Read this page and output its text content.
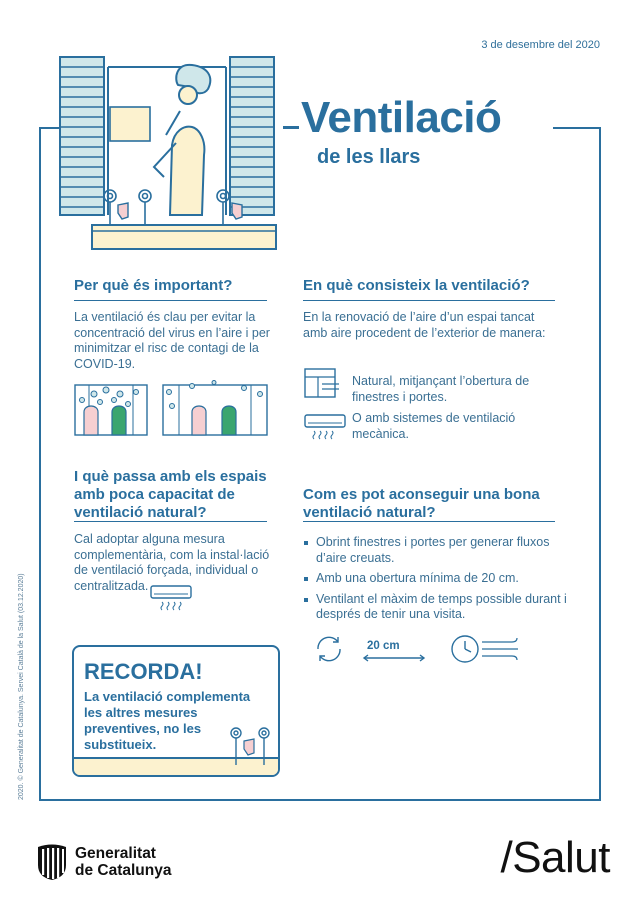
3 de desembre del 2020
Ventilació
de les llars
Per què és important?
La ventilació és clau per evitar la concentració del virus en l’aire i per minimitzar el risc de contagi de la COVID-19.
En què consisteix la ventilació?
En la renovació de l’aire d’un espai tancat amb aire procedent de l’exterior de manera:
Natural, mitjançant l’obertura de finestres i portes.
O amb sistemes de ventilació mecànica.
I què passa amb els espais amb poca capacitat de ventilació natural?
Cal adoptar alguna mesura complementària, com la instal·lació de ventilació forçada, individual o centralitzada.
Com es pot aconseguir una bona ventilació natural?
Obrint finestres i portes per generar fluxos d’aire creuats.
Amb una obertura mínima de 20 cm.
Ventilant el màxim de temps possible durant i després de tenir una visita.
20 cm
RECORDA!
La ventilació complementa les altres mesures preventives, no les substitueix.
2020. © Generalitat de Catalunya. Servei Català de la Salut (03.12.2020)
Generalitat
de Catalunya	/Salut
